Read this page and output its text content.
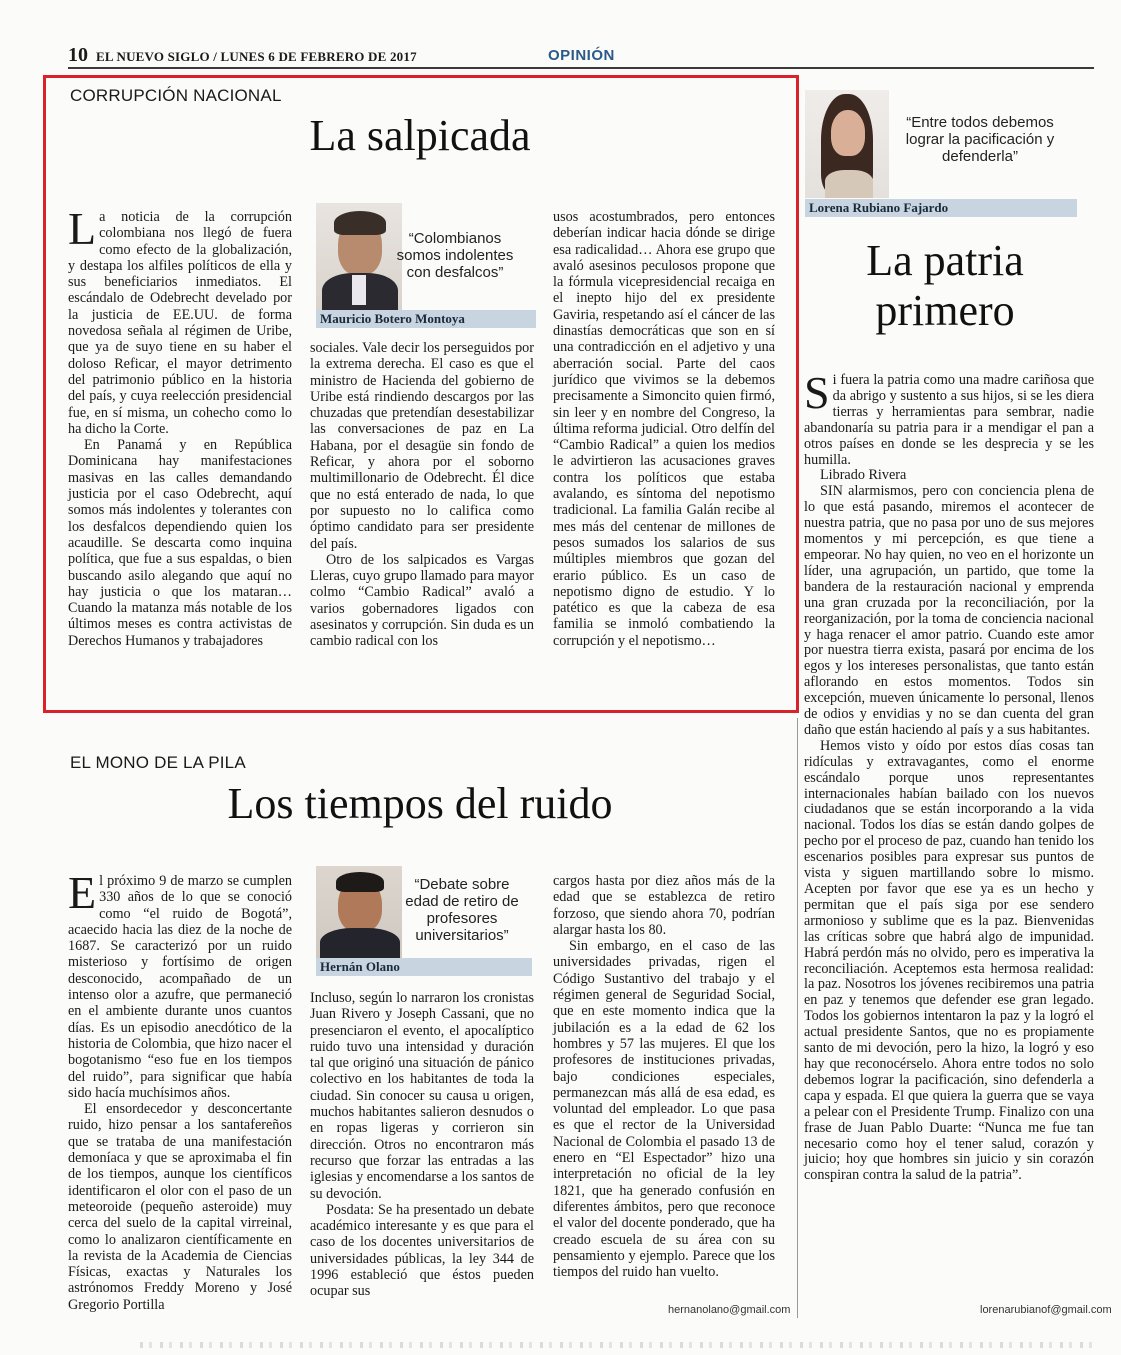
10 EL NUEVO SIGLO / LUNES 6 DE FEBRERO DE 2017	OPINIÓN
CORRUPCIÓN NACIONAL
La salpicada
L a noticia de la corrupción colombiana nos llegó de fuera como efecto de la globalización, y destapa los alfiles políticos de ella y sus beneficiarios inmediatos. El escándalo de Odebrecht develado por la justicia de EE.UU. de forma novedosa señala al régimen de Uribe, que ya de suyo tiene en su haber el doloso Reficar, el mayor detrimento del patrimonio público en la historia del país, y cuya reelección presidencial fue, en sí misma, un cohecho como lo ha dicho la Corte.

En Panamá y en República Dominicana hay manifestaciones masivas en las calles demandando justicia por el caso Odebrecht, aquí somos más indolentes y tolerantes con los desfalcos dependiendo quien los acaudille. Se descarta como inquina política, que fue a sus espaldas, o bien buscando asilo alegando que aquí no hay justicia o que los mataran… Cuando la matanza más notable de los últimos meses es contra activistas de Derechos Humanos y trabajadores

Mauricio Botero Montoya
“Colombianos somos indolentes con desfalcos”

sociales. Vale decir los perseguidos por la extrema derecha. El caso es que el ministro de Hacienda del gobierno de Uribe está rindiendo descargos por las chuzadas que pretendían desestabilizar las conversaciones de paz en La Habana, por el desagüe sin fondo de Reficar, y ahora por el soborno multimillonario de Odebrecht. Él dice que no está enterado de nada, lo que por supuesto no lo califica como óptimo candidato para ser presidente del país.

Otro de los salpicados es Vargas Lleras, cuyo grupo llamado para mayor colmo “Cambio Radical” avaló a varios gobernadores ligados con asesinatos y corrupción. Sin duda es un cambio radical con los

usos acostumbrados, pero entonces deberían indicar hacia dónde se dirige esa radicalidad… Ahora ese grupo que avaló asesinos peculosos propone que la fórmula vicepresidencial recaiga en el inepto hijo del ex presidente Gaviria, respetando así el cáncer de las dinastías democráticas que son en sí una contradicción en el adjetivo y una aberración social. Parte del caos jurídico que vivimos se la debemos precisamente a Simoncito quien firmó, sin leer y en nombre del Congreso, la última reforma judicial. Otro delfín del “Cambio Radical” a quien los medios le advirtieron las acusaciones graves contra los políticos que estaba avalando, es síntoma del nepotismo tradicional. La familia Galán recibe al mes más del centenar de millones de pesos sumados los salarios de sus múltiples miembros que gozan del erario público. Es un caso de nepotismo digno de estudio. Y lo patético es que la cabeza de esa familia se inmoló combatiendo la corrupción y el nepotismo…

EL MONO DE LA PILA
Los tiempos del ruido
E l próximo 9 de marzo se cumplen 330 años de lo que se conoció como “el ruido de Bogotá”, acaecido hacia las diez de la noche de 1687. Se caracterizó por un ruido misterioso y fortísimo de origen desconocido, acompañado de un intenso olor a azufre, que permaneció en el ambiente durante unos cuantos días. Es un episodio anecdótico de la historia de Colombia, que hizo nacer el bogotanismo “eso fue en los tiempos del ruido”, para significar que había sido hacía muchísimos años.

El ensordecedor y desconcertante ruido, hizo pensar a los santafereños que se trataba de una manifestación demoníaca y que se aproximaba el fin de los tiempos, aunque los científicos identificaron el olor con el paso de un meteoroide (pequeño asteroide) muy cerca del suelo de la capital virreinal, como lo analizaron científicamente en la revista de la Academia de Ciencias Físicas, exactas y Naturales los astrónomos Freddy Moreno y José Gregorio Portilla

Hernán Olano
“Debate sobre edad de retiro de profesores universitarios”

Incluso, según lo narraron los cronistas Juan Rivero y Joseph Cassani, que no presenciaron el evento, el apocalíptico ruido tuvo una intensidad y duración tal que originó una situación de pánico colectivo en los habitantes de toda la ciudad. Sin conocer su causa u origen, muchos habitantes salieron desnudos o en ropas ligeras y corrieron sin dirección. Otros no encontraron más recurso que forzar las entradas a las iglesias y encomendarse a los santos de su devoción.

Posdata: Se ha presentado un debate académico interesante y es que para el caso de los docentes universitarios de universidades públicas, la ley 344 de 1996 estableció que éstos pueden ocupar sus

cargos hasta por diez años más de la edad que se establezca de retiro forzoso, que siendo ahora 70, podrían alargar hasta los 80.

Sin embargo, en el caso de las universidades privadas, rigen el Código Sustantivo del trabajo y el régimen general de Seguridad Social, que en este momento indica que la jubilación es a la edad de 62 los hombres y 57 las mujeres. El que los profesores de instituciones privadas, bajo condiciones especiales, permanezcan más allá de esa edad, es voluntad del empleador. Lo que pasa es que el rector de la Universidad Nacional de Colombia el pasado 13 de enero en “El Espectador” hizo una interpretación no oficial de la ley 1821, que ha generado confusión en diferentes ámbitos, pero que reconoce el valor del docente ponderado, que ha creado escuela de su área con su pensamiento y ejemplo. Parece que los tiempos del ruido han vuelto.

hernanolano@gmail.com
Lorena Rubiano Fajardo
“Entre todos debemos lograr la pacificación y defenderla”
La patria primero
S i fuera la patria como una madre cariñosa que da abrigo y sustento a sus hijos, si se les diera tierras y herramientas para sembrar, nadie abandonaría su patria para ir a mendigar el pan a otros países en donde se les desprecia y se les humilla.

Librado Rivera

SIN alarmismos, pero con conciencia plena de lo que está pasando, miremos el acontecer de nuestra patria, que no pasa por uno de sus mejores momentos y mi percepción, es que tiene a empeorar. No hay quien, no veo en el horizonte un líder, una agrupación, un partido, que tome la bandera de la restauración nacional y emprenda una gran cruzada por la reconciliación, por la reorganización, por la toma de conciencia nacional y haga renacer el amor patrio. Cuando este amor por nuestra tierra exista, pasará por encima de los egos y los intereses personalistas, que tanto están aflorando en estos momentos. Todos sin excepción, mueven únicamente lo personal, llenos de odios y envidias y no se dan cuenta del gran daño que están haciendo al país y a sus habitantes.

Hemos visto y oído por estos días cosas tan ridículas y extravagantes, como el enorme escándalo porque unos representantes internacionales habían bailado con los nuevos ciudadanos que se están incorporando a la vida nacional. Todos los días se están dando golpes de pecho por el proceso de paz, cuando han tenido los escenarios posibles para expresar sus puntos de vista y siguen martillando sobre lo mismo. Acepten por favor que ese ya es un hecho y permitan que el país siga por ese sendero armonioso y sublime que es la paz. Bienvenidas las críticas sobre que habrá algo de impunidad. Habrá perdón más no olvido, pero es imperativa la reconciliación. Aceptemos esta hermosa realidad: la paz. Nosotros los jóvenes recibiremos una patria en paz y tenemos que defender ese gran legado. Todos los gobiernos intentaron la paz y la logró el actual presidente Santos, que no es propiamente santo de mi devoción, pero la hizo, la logró y eso hay que reconocérselo. Ahora entre todos no solo debemos lograr la pacificación, sino defenderla a capa y espada. El que quiera la guerra que se vaya a pelear con el Presidente Trump. Finalizo con una frase de Juan Pablo Duarte: “Nunca me fue tan necesario como hoy el tener salud, corazón y juicio; hoy que hombres sin juicio y sin corazón conspiran contra la salud de la patria”.

lorenarubianof@gmail.com
